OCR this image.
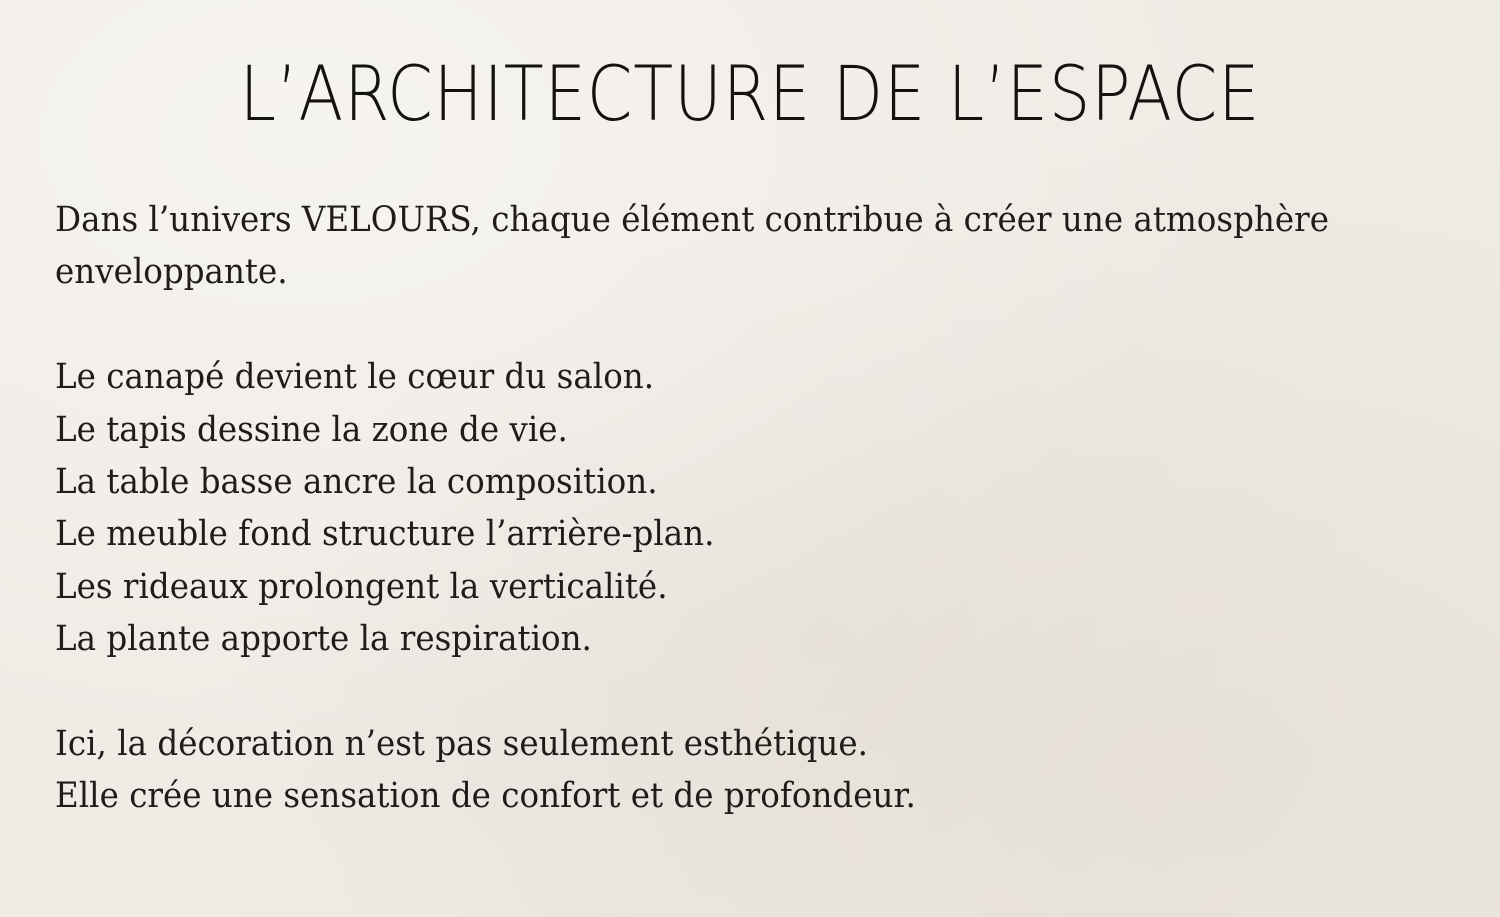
L’ARCHITECTURE DE L’ESPACE
Dans l’univers VELOURS, chaque élément contribue à créer une atmosphère
enveloppante.
Le canapé devient le cœur du salon.
Le tapis dessine la zone de vie.
La table basse ancre la composition.
Le meuble fond structure l’arrière-plan.
Les rideaux prolongent la verticalité.
La plante apporte la respiration.
Ici, la décoration n’est pas seulement esthétique.
Elle crée une sensation de confort et de profondeur.
